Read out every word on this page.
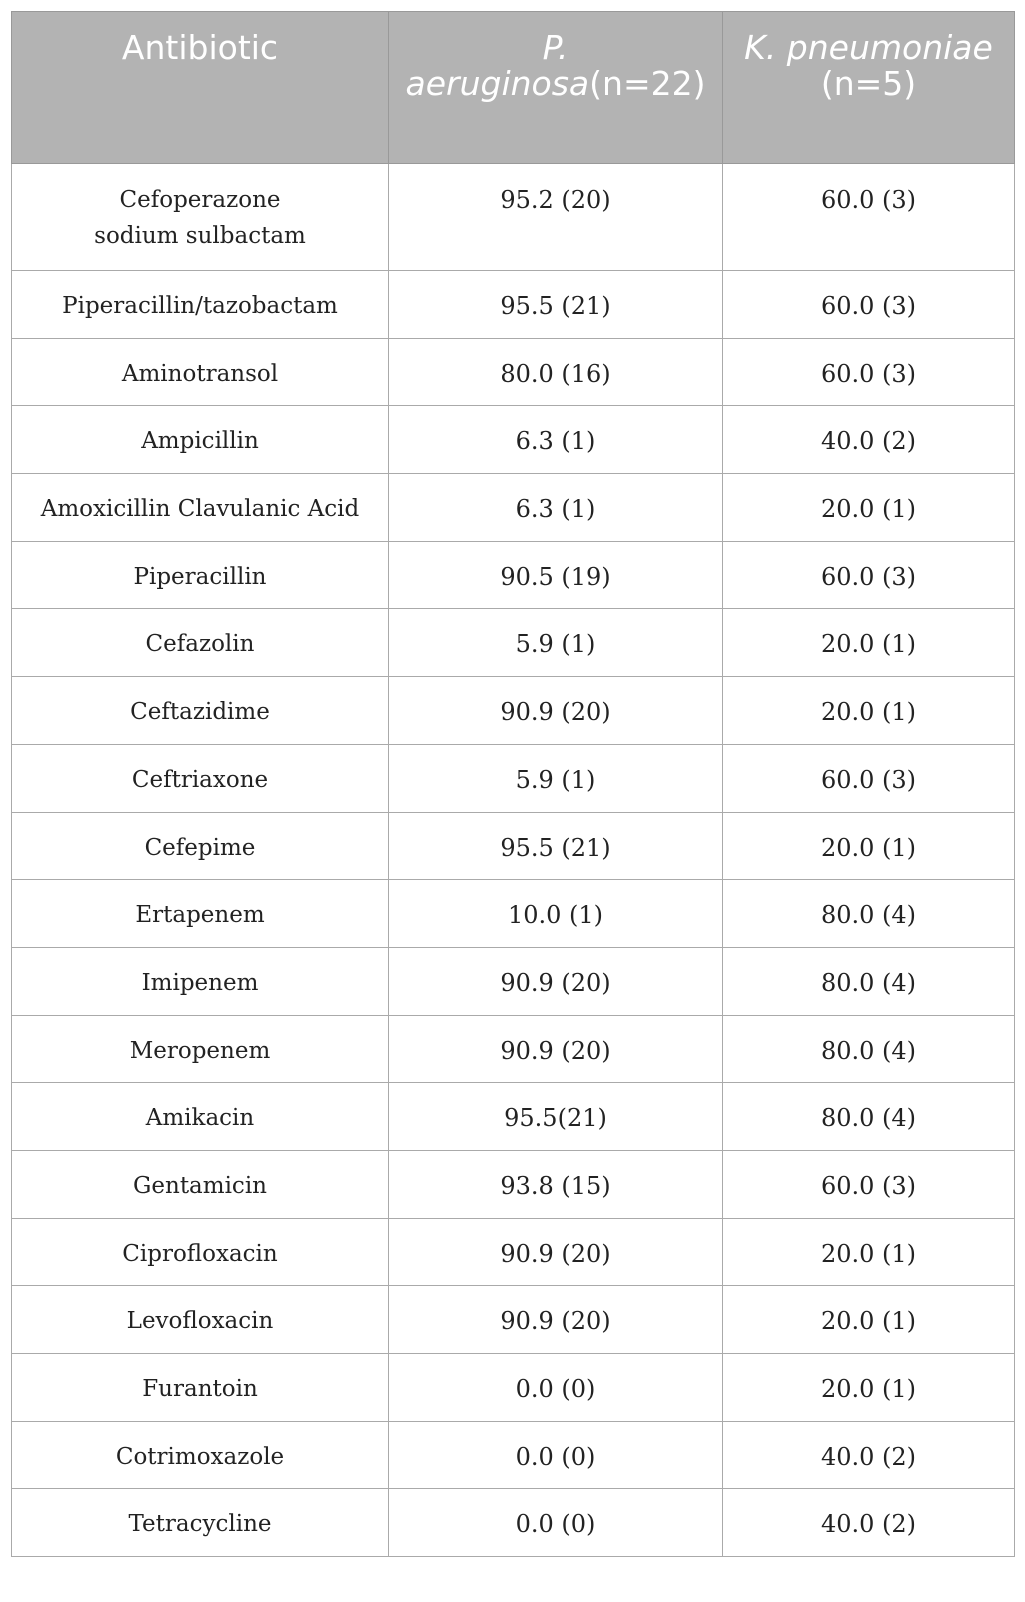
Antibiotic	P. aeruginosa(n=22)	K. pneumoniae
(n=5)

Cefoperazone
sodium sulbactam	95.2 (20)	60.0 (3)
Piperacillin/tazobactam	95.5 (21)	60.0 (3)
Aminotransol	80.0 (16)	60.0 (3)
Ampicillin	6.3 (1)	40.0 (2)
Amoxicillin Clavulanic Acid	6.3 (1)	20.0 (1)
Piperacillin	90.5 (19)	60.0 (3)
Cefazolin	5.9 (1)	20.0 (1)
Ceftazidime	90.9 (20)	20.0 (1)
Ceftriaxone	5.9 (1)	60.0 (3)
Cefepime	95.5 (21)	20.0 (1)
Ertapenem	10.0 (1)	80.0 (4)
Imipenem	90.9 (20)	80.0 (4)
Meropenem	90.9 (20)	80.0 (4)
Amikacin	95.5(21)	80.0 (4)
Gentamicin	93.8 (15)	60.0 (3)
Ciprofloxacin	90.9 (20)	20.0 (1)
Levofloxacin	90.9 (20)	20.0 (1)
Furantoin	0.0 (0)	20.0 (1)
Cotrimoxazole	0.0 (0)	40.0 (2)
Tetracycline	0.0 (0)	40.0 (2)
